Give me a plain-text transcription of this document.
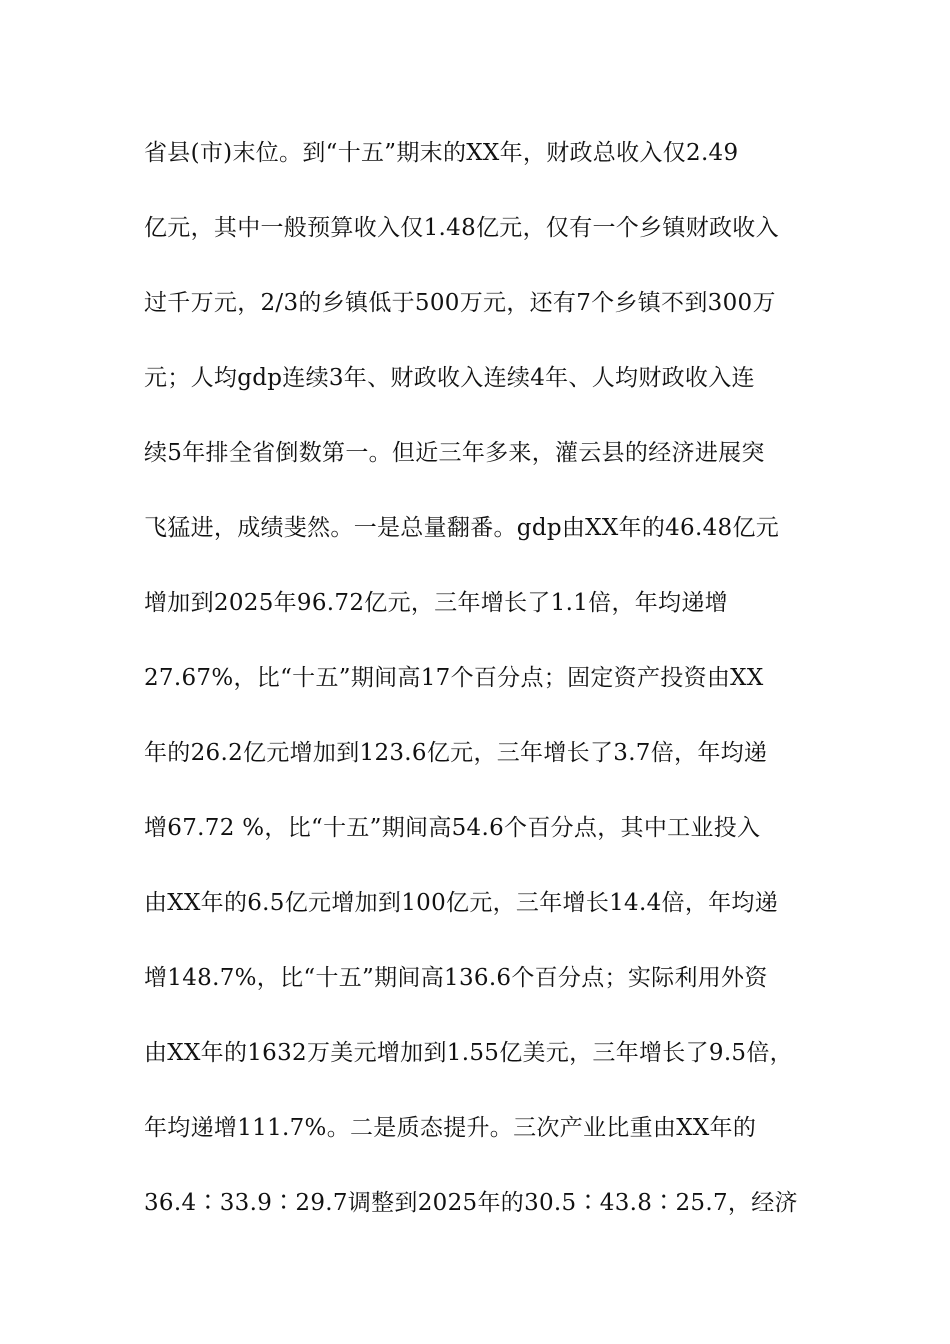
省县(市)末位。到“十五”期末的XX年，财政总收入仅2.49
亿元，其中一般预算收入仅1.48亿元，仅有一个乡镇财政收入
过千万元，2/3的乡镇低于500万元，还有7个乡镇不到300万
元；人均gdp连续3年、财政收入连续4年、人均财政收入连
续5年排全省倒数第一。但近三年多来，灌云县的经济进展突
飞猛进，成绩斐然。一是总量翻番。gdp由XX年的46.48亿元
增加到2025年96.72亿元，三年增长了1.1倍，年均递增
27.67%，比“十五”期间高17个百分点；固定资产投资由XX
年的26.2亿元增加到123.6亿元，三年增长了3.7倍，年均递
增67.72 %，比“十五”期间高54.6个百分点，其中工业投入
由XX年的6.5亿元增加到100亿元，三年增长14.4倍，年均递
增148.7%，比“十五”期间高136.6个百分点；实际利用外资
由XX年的1632万美元增加到1.55亿美元，三年增长了9.5倍，
年均递增111.7%。二是质态提升。三次产业比重由XX年的
36.4∶33.9∶29.7调整到2025年的30.5∶43.8∶25.7，经济
